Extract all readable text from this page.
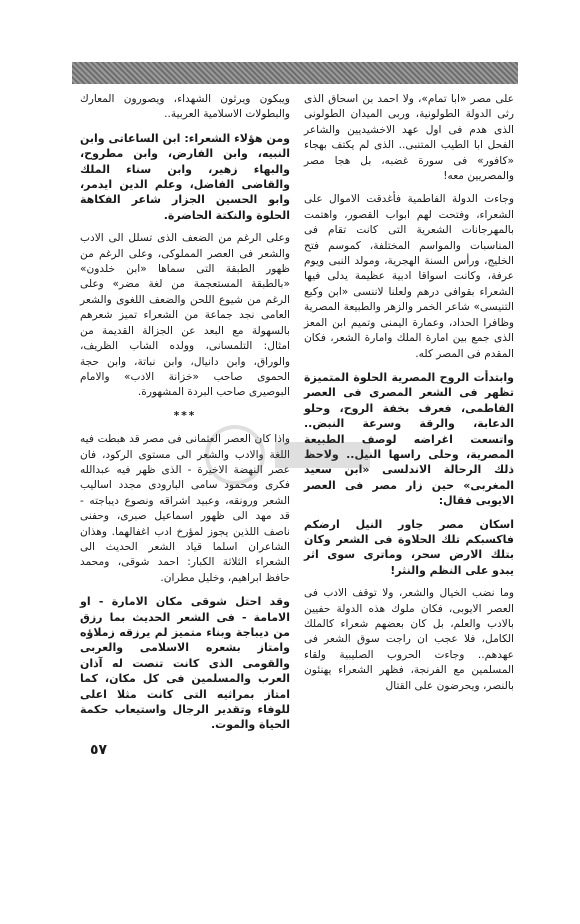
على مصر «ابا تمام»، ولا احمد بن اسحاق الذى رثى الدولة الطولونية، وربى الميدان الطولونى الذى هدم فى اول عهد الاخشيديين والشاعر الفحل ابا الطيب المتنبى.. الذى لم يكتف بهجاء «كافور» فى سورة غضبه، بل هجا مصر والمصريين معه!

وجاءت الدولة الفاطمية فأغدقت الاموال على الشعراء، وفتحت لهم ابواب القصور، واهتمت بالمهرجانات الشعرية التى كانت تقام فى المناسبات والمواسم المختلفة، كموسم فتح الخليج، ورأس السنة الهجرية، ومولد النبى ويوم عرفة، وكانت اسواقا ادبية عظيمة يدلى فيها الشعراء بقوافى درهم ولعلنا لاننسى «ابن وكيع التنيسى» شاعر الخمر والزهر والطبيعة المصرية وظافرا الحداد، وعمارة اليمنى وتميم ابن المعز الذى جمع بين امارة الملك وامارة الشعر، فكان المقدم فى المصر كله.

وابتدأت الروح المصرية الحلوة المتميزة تظهر فى الشعر المصرى فى العصر الفاطمى، فعرف بخفة الروح، وحلو الدعابة، والرقة وسرعة النبض.. واتسعت اغراضه لوصف الطبيعة المصرية، وحلى راسها النيل.. ولاحظ ذلك الرحالة الاندلسى «ابن سعيد المغربى» حين زار مصر فى العصر الايوبى فقال:

اسكان مصر جاور النيل ارضكم فاكسبكم تلك الحلاوة فى الشعر وكان بتلك الارض سحر، وماترى سوى اثر يبدو على النظم والنثر!

وما نضب الخيال والشعر، ولا توقف الادب فى العصر الايوبى، فكان ملوك هذه الدولة حفيين بالادب والعلم، بل كان بعضهم شعراء كالملك الكامل، فلا عجب ان راجت سوق الشعر فى عهدهم.. وجاءت الحروب الصليبية ولقاء المسلمين مع الفرنجة، فظهر الشعراء يهنئون بالنصر، ويحرضون على القتال

ويبكون ويرثون الشهداء، ويصورون المعارك والبطولات الاسلامية العربية..

ومن هؤلاء الشعراء: ابن الساعاتى وابن النبيه، وابن الفارض، وابن مطروح، والبهاء زهير، وابن سناء الملك والقاضى الفاضل، وعلم الدين ايدمر، وابو الحسين الجزار شاعر الفكاهة الحلوة والنكتة الحاضرة.

وعلى الرغم من الضعف الذى تسلل الى الادب والشعر فى العصر المملوكى، وعلى الرغم من ظهور الطبقة التى سماها «ابن خلدون» «بالطبقة المستعجمة من لغة مضر» وعلى الرغم من شيوع اللحن والضعف اللغوى والشعر العامى نجد جماعة من الشعراء تميز شعرهم بالسهولة مع البعد عن الجزالة القديمة من امثال: التلمسانى، وولده الشاب الظريف، والوراق، وابن دانيال، وابن نباتة، وابن حجة الحموى صاحب «خزانة الادب» والامام البوصيرى صاحب البردة المشهورة.

***

واذا كان العصر العثمانى فى مصر قد هبطت فيه اللغة والادب والشعر الى مستوى الركود، فان عصر النهضة الاخيرة - الذى ظهر فيه عبدالله فكرى ومحمود سامى البارودى مجدد اساليب الشعر ورونقه، وعبيد اشراقه ونصوع ديباجته - قد مهد الى ظهور اسماعيل صبرى، وحفنى ناصف اللذين يجوز لمؤرخ ادب اغفالهما. وهذان الشاعران اسلما قياد الشعر الحديث الى الشعراء الثلاثة الكبار: احمد شوقى، ومحمد حافظ ابراهيم، وخليل مطران.

وقد احتل شوقى مكان الامارة - او الامامة - فى الشعر الحديث بما رزق من ديباجة وبناء متميز لم يرزقه زملاؤه وامتاز بشعره الاسلامى والعربى والقومى الذى كانت تنصت له آذان العرب والمسلمين فى كل مكان، كما امتاز بمراثيه التى كانت مثلا اعلى للوفاء وتقدير الرجال واستيعاب حكمة الحياة والموت.

٥٧
